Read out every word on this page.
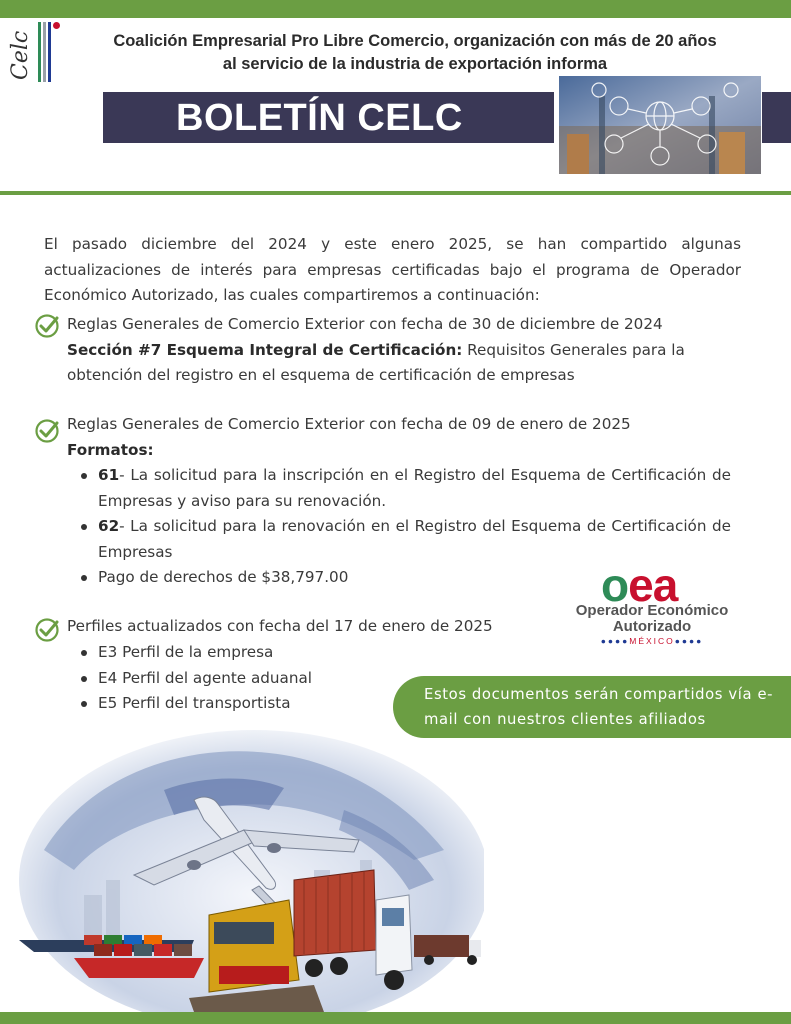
Celc	Coalición Empresarial Pro Libre Comercio, organización con más de 20 años
al servicio de la industria de exportación informa
BOLETÍN CELC

El pasado diciembre del 2024 y este enero 2025, se han compartido algunas actualizaciones de interés para empresas certificadas bajo el programa de Operador Económico Autorizado, las cuales compartiremos a continuación:

Reglas Generales de Comercio Exterior con fecha de 30 de diciembre de 2024
Sección #7 Esquema Integral de Certificación: Requisitos Generales para la obtención del registro en el esquema de certificación de empresas
Reglas Generales de Comercio Exterior con fecha de 09 de enero de 2025
Formatos:
61- La solicitud para la inscripción en el Registro del Esquema de Certificación de Empresas y aviso para su renovación.
62- La solicitud para la renovación en el Registro del Esquema de Certificación de Empresas
Pago de derechos de $38,797.00
Perfiles actualizados con fecha del 17 de enero de 2025
E3 Perfil de la empresa
E4 Perfil del agente aduanal
E5 Perfil del transportista
oea
Operador Económico
Autorizado
●●●●MÉXICO●●●●
Estos documentos serán compartidos vía e-mail con nuestros clientes afiliados
